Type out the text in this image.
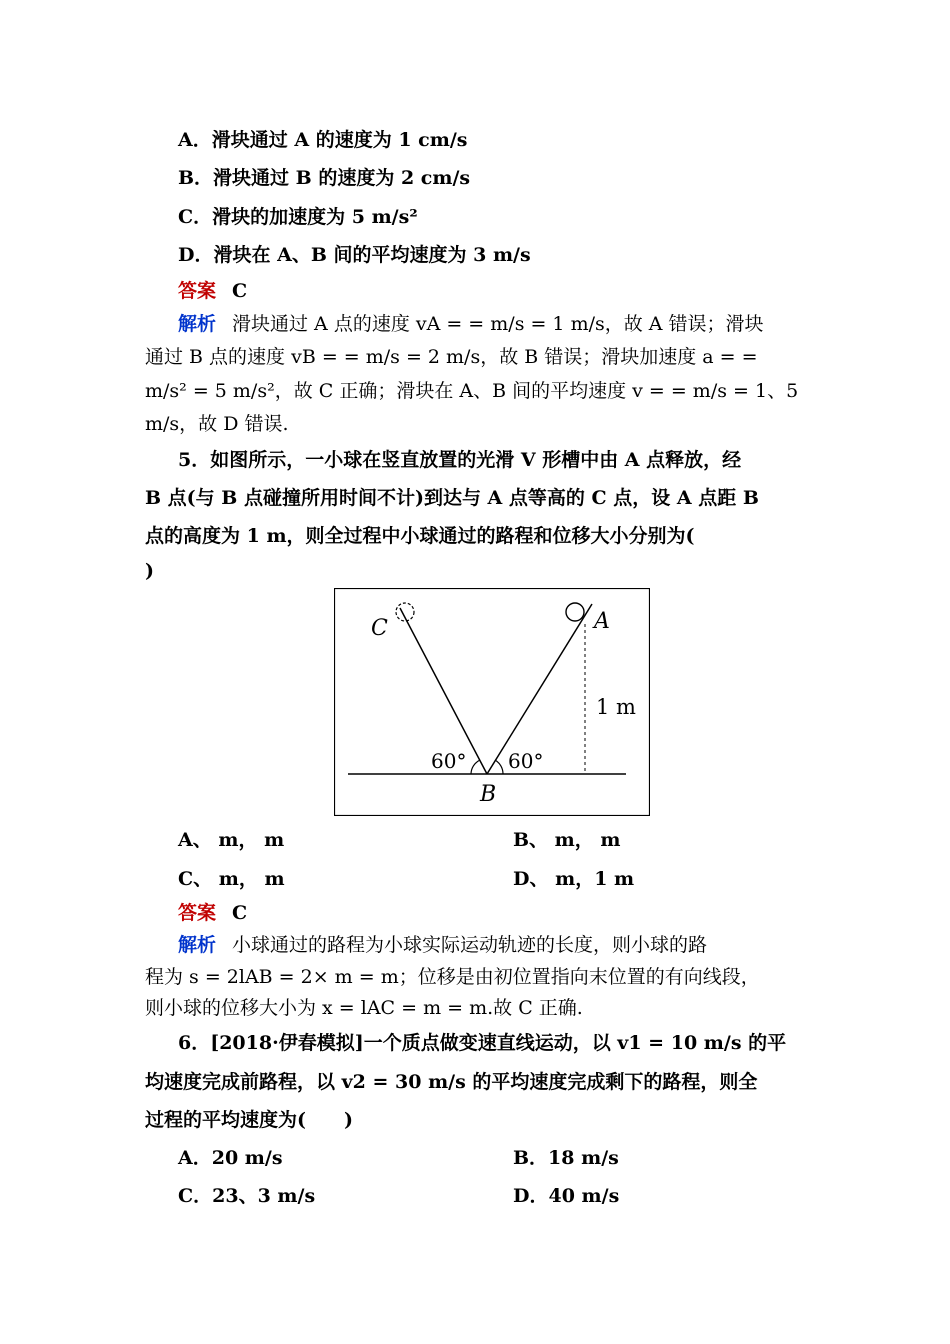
A．滑块通过 A 的速度为 1 cm/s
B．滑块通过 B 的速度为 2 cm/s
C．滑块的加速度为 5 m/s²
D．滑块在 A、B 间的平均速度为 3 m/s
答案 C
解析 滑块通过 A 点的速度 vA = = m/s = 1 m/s，故 A 错误；滑块
通过 B 点的速度 vB = = m/s = 2 m/s，故 B 错误；滑块加速度 a = =
m/s² = 5 m/s²，故 C 正确；滑块在 A、B 间的平均速度 v = = m/s = 1、5
m/s，故 D 错误.
5．如图所示，一小球在竖直放置的光滑 V 形槽中由 A 点释放，经
B 点(与 B 点碰撞所用时间不计)到达与 A 点等高的 C 点，设 A 点距 B
点的高度为 1 m，则全过程中小球通过的路程和位移大小分别为(
)
C	A
B
1 m
60° 60°
A、 m， m	B、 m， m
C、 m， m	D、 m，1 m
答案 C
解析 小球通过的路程为小球实际运动轨迹的长度，则小球的路
程为 s = 2lAB = 2× m = m；位移是由初位置指向末位置的有向线段，
则小球的位移大小为 x = lAC = m = m.故 C 正确.
6．[2018·伊春模拟]一个质点做变速直线运动，以 v1 = 10 m/s 的平
均速度完成前路程，以 v2 = 30 m/s 的平均速度完成剩下的路程，则全
过程的平均速度为(　　)
A．20 m/s	B．18 m/s
C．23、3 m/s	D．40 m/s
